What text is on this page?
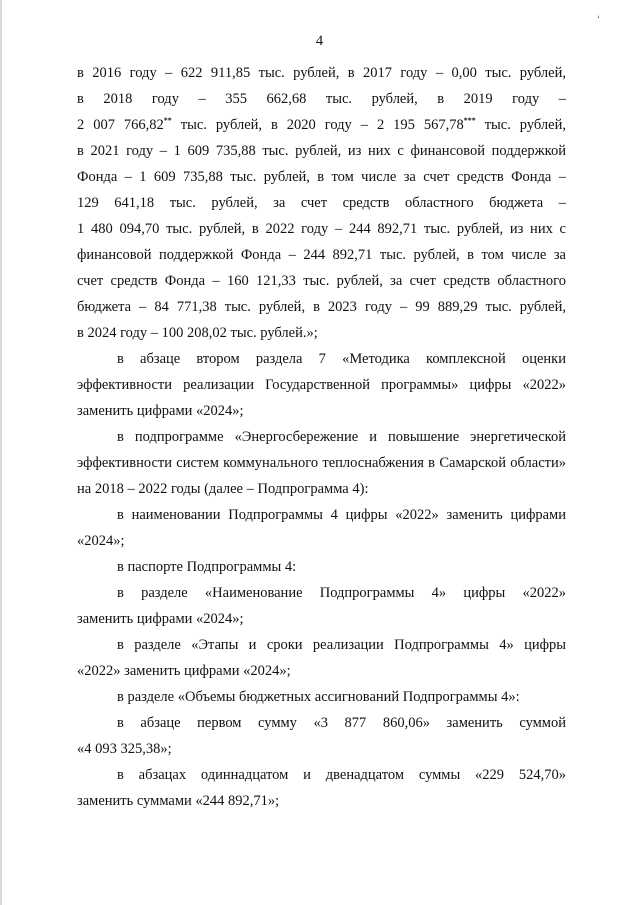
ʻ
4
в 2016 году – 622 911,85 тыс. рублей, в 2017 году – 0,00 тыс. рублей,
в 2018 году – 355 662,68 тыс. рублей, в 2019 году –
2 007 766,82** тыс. рублей, в 2020 году – 2 195 567,78*** тыс. рублей,
в 2021 году – 1 609 735,88 тыс. рублей, из них с финансовой поддержкой
Фонда – 1 609 735,88 тыс. рублей, в том числе за счет средств Фонда –
129 641,18 тыс. рублей, за счет средств областного бюджета –
1 480 094,70 тыс. рублей, в 2022 году – 244 892,71 тыс. рублей, из них с
финансовой поддержкой Фонда – 244 892,71 тыс. рублей, в том числе за
счет средств Фонда – 160 121,33 тыс. рублей, за счет средств областного
бюджета – 84 771,38 тыс. рублей, в 2023 году – 99 889,29 тыс. рублей,
в 2024 году – 100 208,02 тыс. рублей.»;
в абзаце втором раздела 7 «Методика комплексной оценки
эффективности реализации Государственной программы» цифры «2022»
заменить цифрами «2024»;
в подпрограмме «Энергосбережение и повышение энергетической
эффективности систем коммунального теплоснабжения в Самарской области»
на 2018 – 2022 годы (далее – Подпрограмма 4):
в наименовании Подпрограммы 4 цифры «2022» заменить цифрами
«2024»;
в паспорте Подпрограммы 4:
в разделе «Наименование Подпрограммы 4» цифры «2022»
заменить цифрами «2024»;
в разделе «Этапы и сроки реализации Подпрограммы 4» цифры
«2022» заменить цифрами «2024»;
в разделе «Объемы бюджетных ассигнований Подпрограммы 4»:
в абзаце первом сумму «3 877 860,06» заменить суммой
«4 093 325,38»;
в абзацах одиннадцатом и двенадцатом суммы «229 524,70»
заменить суммами «244 892,71»;
